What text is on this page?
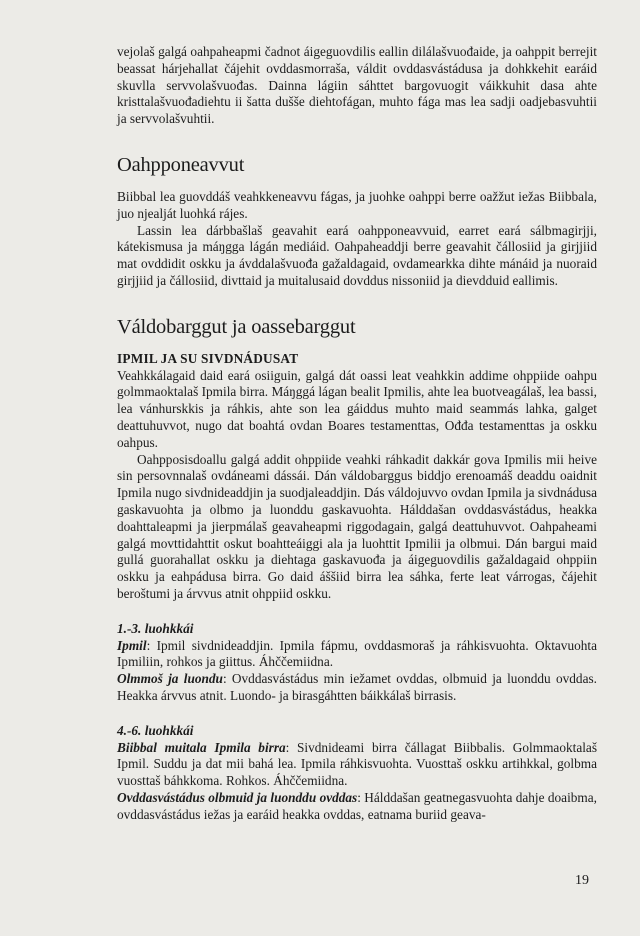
vejolaš galgá oahpaheapmi čadnot áigeguovdilis eallin dilálašvuođaide, ja oahppit berrejit beassat hárjehallat čájehit ovddasmorraša, váldit ovddasvástádusa ja dohkkehit earáid skuvlla servvolašvuođas. Dainna lágiin sáhttet bargovuogit váikkuhit dasa ahte kristtalašvuođadiehtu ii šatta dušše diehtofágan, muhto fága mas lea sadji oadjebasvuhtii ja servvolašvuhtii.

Oahpponeavvut

Biibbal lea guovddáš veahkkeneavvu fágas, ja juohke oahppi berre oažžut iežas Biibbala, juo njealját luohká rájes.

Lassin lea dárbbašlaš geavahit eará oahpponeavvuid, earret eará sálbmagirjji, kátekismusa ja máŋgga lágán mediáid. Oahpaheaddji berre geavahit čállosiid ja girjjiid mat ovddidit oskku ja ávddalašvuođa gažaldagaid, ovdamearkka dihte mánáid ja nuoraid girjjiid ja čállosiid, divttaid ja muitalusaid dovddus nissoniid ja dievdduid eallimis.

Váldobarggut ja oassebarggut
IPMIL JA SU SIVDNÁDUSAT

Veahkkálagaid daid eará osiiguin, galgá dát oassi leat veahkkin addime ohppiide oahpu golmmaoktalaš Ipmila birra. Máŋggá lágan bealit Ipmilis, ahte lea buotveagálaš, lea bassi, lea vánhurskkis ja ráhkis, ahte son lea gáiddus muhto maid seammás lahka, galget deattuhuvvot, nugo dat boahtá ovdan Boares testamenttas, Ođđa testamenttas ja oskku oahpus.

Oahpposisdoallu galgá addit ohppiide veahki ráhkadit dakkár gova Ipmilis mii heive sin persovnnalaš ovdáneami dássái. Dán váldobarggus biddjo erenoamáš deaddu oaidnit Ipmila nugo sivdnideaddjin ja suodjaleaddjin. Dás váldojuvvo ovdan Ipmila ja sivdnádusa gaskavuohta ja olbmo ja luonddu gaskavuohta. Hálddašan ovddasvástádus, heakka doahttaleapmi ja jierpmálaš geavaheapmi riggodagain, galgá deattuhuvvot. Oahpaheami galgá movttidahttit oskut boahtteáiggi ala ja luohttit Ipmilii ja olbmui. Dán bargui maid gullá guorahallat oskku ja diehtaga gaskavuođa ja áigeguovdilis gažaldagaid ohppiin oskku ja eahpádusa birra. Go daid áššiid birra lea sáhka, ferte leat várrogas, čájehit beroštumi ja árvvus atnit ohppiid oskku.

1.-3. luohkkái

Ipmil: Ipmil sivdnideaddjin. Ipmila fápmu, ovddasmoraš ja ráhkisvuohta. Oktavuohta Ipmiliin, rohkos ja giittus. Áhččemiidna.

Olmmoš ja luondu: Ovddasvástádus min iežamet ovddas, olbmuid ja luonddu ovddas. Heakka árvvus atnit. Luondo- ja birasgáhtten báikkálaš birrasis.

4.-6. luohkkái

Biibbal muitala Ipmila birra: Sivdnideami birra čállagat Biibbalis. Golmmaoktalaš Ipmil. Suddu ja dat mii bahá lea. Ipmila ráhkisvuohta. Vuosttaš oskku artihkkal, golbma vuosttaš báhkkoma. Rohkos. Áhččemiidna.

Ovddasvástádus olbmuid ja luonddu ovddas: Hálddašan geatnegasvuohta dahje doaibma, ovddasvástádus iežas ja earáid heakka ovddas, eatnama buriid geava-

19
